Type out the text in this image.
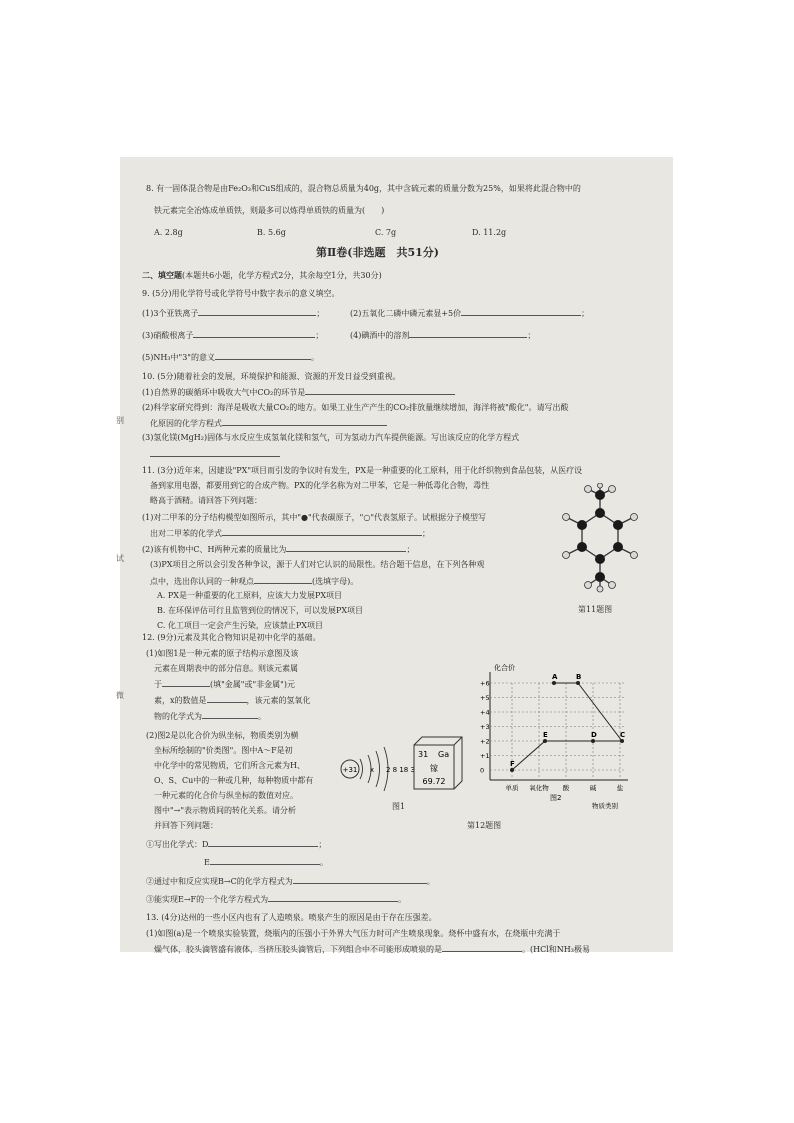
8. 有一固体混合物是由Fe₂O₃和CuS组成的，混合物总质量为40g，其中含硫元素的质量分数为25%，如果将此混合物中的
铁元素完全冶炼成单质铁，则最多可以炼得单质铁的质量为(　　)
A. 2.8g	B. 5.6g	C. 7g	D. 11.2g
第Ⅱ卷(非选题　共51分)
二、填空题(本题共6小题，化学方程式2分，其余每空1分，共30分)
9. (5分)用化学符号或化学符号中数字表示的意义填空。
(1)3个亚铁离子	；	(2)五氧化二磷中磷元素显+5价	；
(3)硝酸根离子	；	(4)碘酒中的溶剂	；
(5)NH₃中"3"的意义	。
10. (5分)随着社会的发展，环境保护和能源、资源的开发日益受到重视。
(1)自然界的碳循环中吸收大气中CO₂的环节是
(2)科学家研究得到：海洋是吸收大量CO₂的地方。如果工业生产产生的CO₂排放量继续增加，海洋将被"酸化"。请写出酸
化原因的化学方程式
(3)氢化镁(MgH₂)固体与水反应生成氢氧化镁和氢气，可为氢动力汽车提供能源。写出该反应的化学方程式
11. (3分)近年来，因建设"PX"项目而引发的争议时有发生，PX是一种重要的化工原料，用于化纤织物到食品包装，从医疗设
备到家用电器，都要用到它的合成产物。PX的化学名称为对二甲苯，它是一种低毒化合物，毒性
略高于酒精。请回答下列问题：
(1)对二甲苯的分子结构模型如图所示，其中"●"代表碳原子，"○"代表氢原子。试根据分子模型写
出对二甲苯的化学式	；
(2)该有机物中C、H两种元素的质量比为	；
(3)PX项目之所以会引发各种争议，源于人们对它认识的局限性。结合题干信息，在下列各种观
点中，选出你认同的一种观点	(选填字母)。
A. PX是一种重要的化工原料，应该大力发展PX项目
B. 在环保评估可行且监管到位的情况下，可以发展PX项目
C. 化工项目一定会产生污染，应该禁止PX项目
第11题图
12. (9分)元素及其化合物知识是初中化学的基础。
(1)如图1是一种元素的原子结构示意图及该
元素在周期表中的部分信息。则该元素属
于	(填"金属"或"非金属")元
素，x的数值是	，该元素的氢氧化
物的化学式为	。
(2)图2是以化合价为纵坐标，物质类别为横
坐标所绘制的"价类图"。图中A～F是初
中化学中的常见物质，它们所含元素为H、
O、S、Cu中的一种或几种，每种物质中都有
一种元素的化合价与纵坐标的数值对应。
图中"→"表示物质间的转化关系。请分析
并回答下列问题：
①写出化学式：D	；
E	。
②通过中和反应实现B→C的化学方程式为	。
③能实现E→F的一个化学方程式为	。
+31 x 2 8 18 3
31 Ga
镓
69.72
图1
+6
+5
+4
+3
+2
+1
0
单质 氧化物 酸	碱	盐
A	B
C
D
E
F
化合价
物质类别
图2
第12题图
13. (4分)达州的一些小区内也有了人造喷泉。喷泉产生的原因是由于存在压强差。
(1)如图(a)是一个喷泉实验装置，烧瓶内的压强小于外界大气压力时可产生喷泉现象。烧杯中盛有水，在烧瓶中充满于
燥气体，胶头滴管盛有液体，当挤压胶头滴管后，下列组合中不可能形成喷泉的是	。(HCl和NH₃极易
别
试
微
